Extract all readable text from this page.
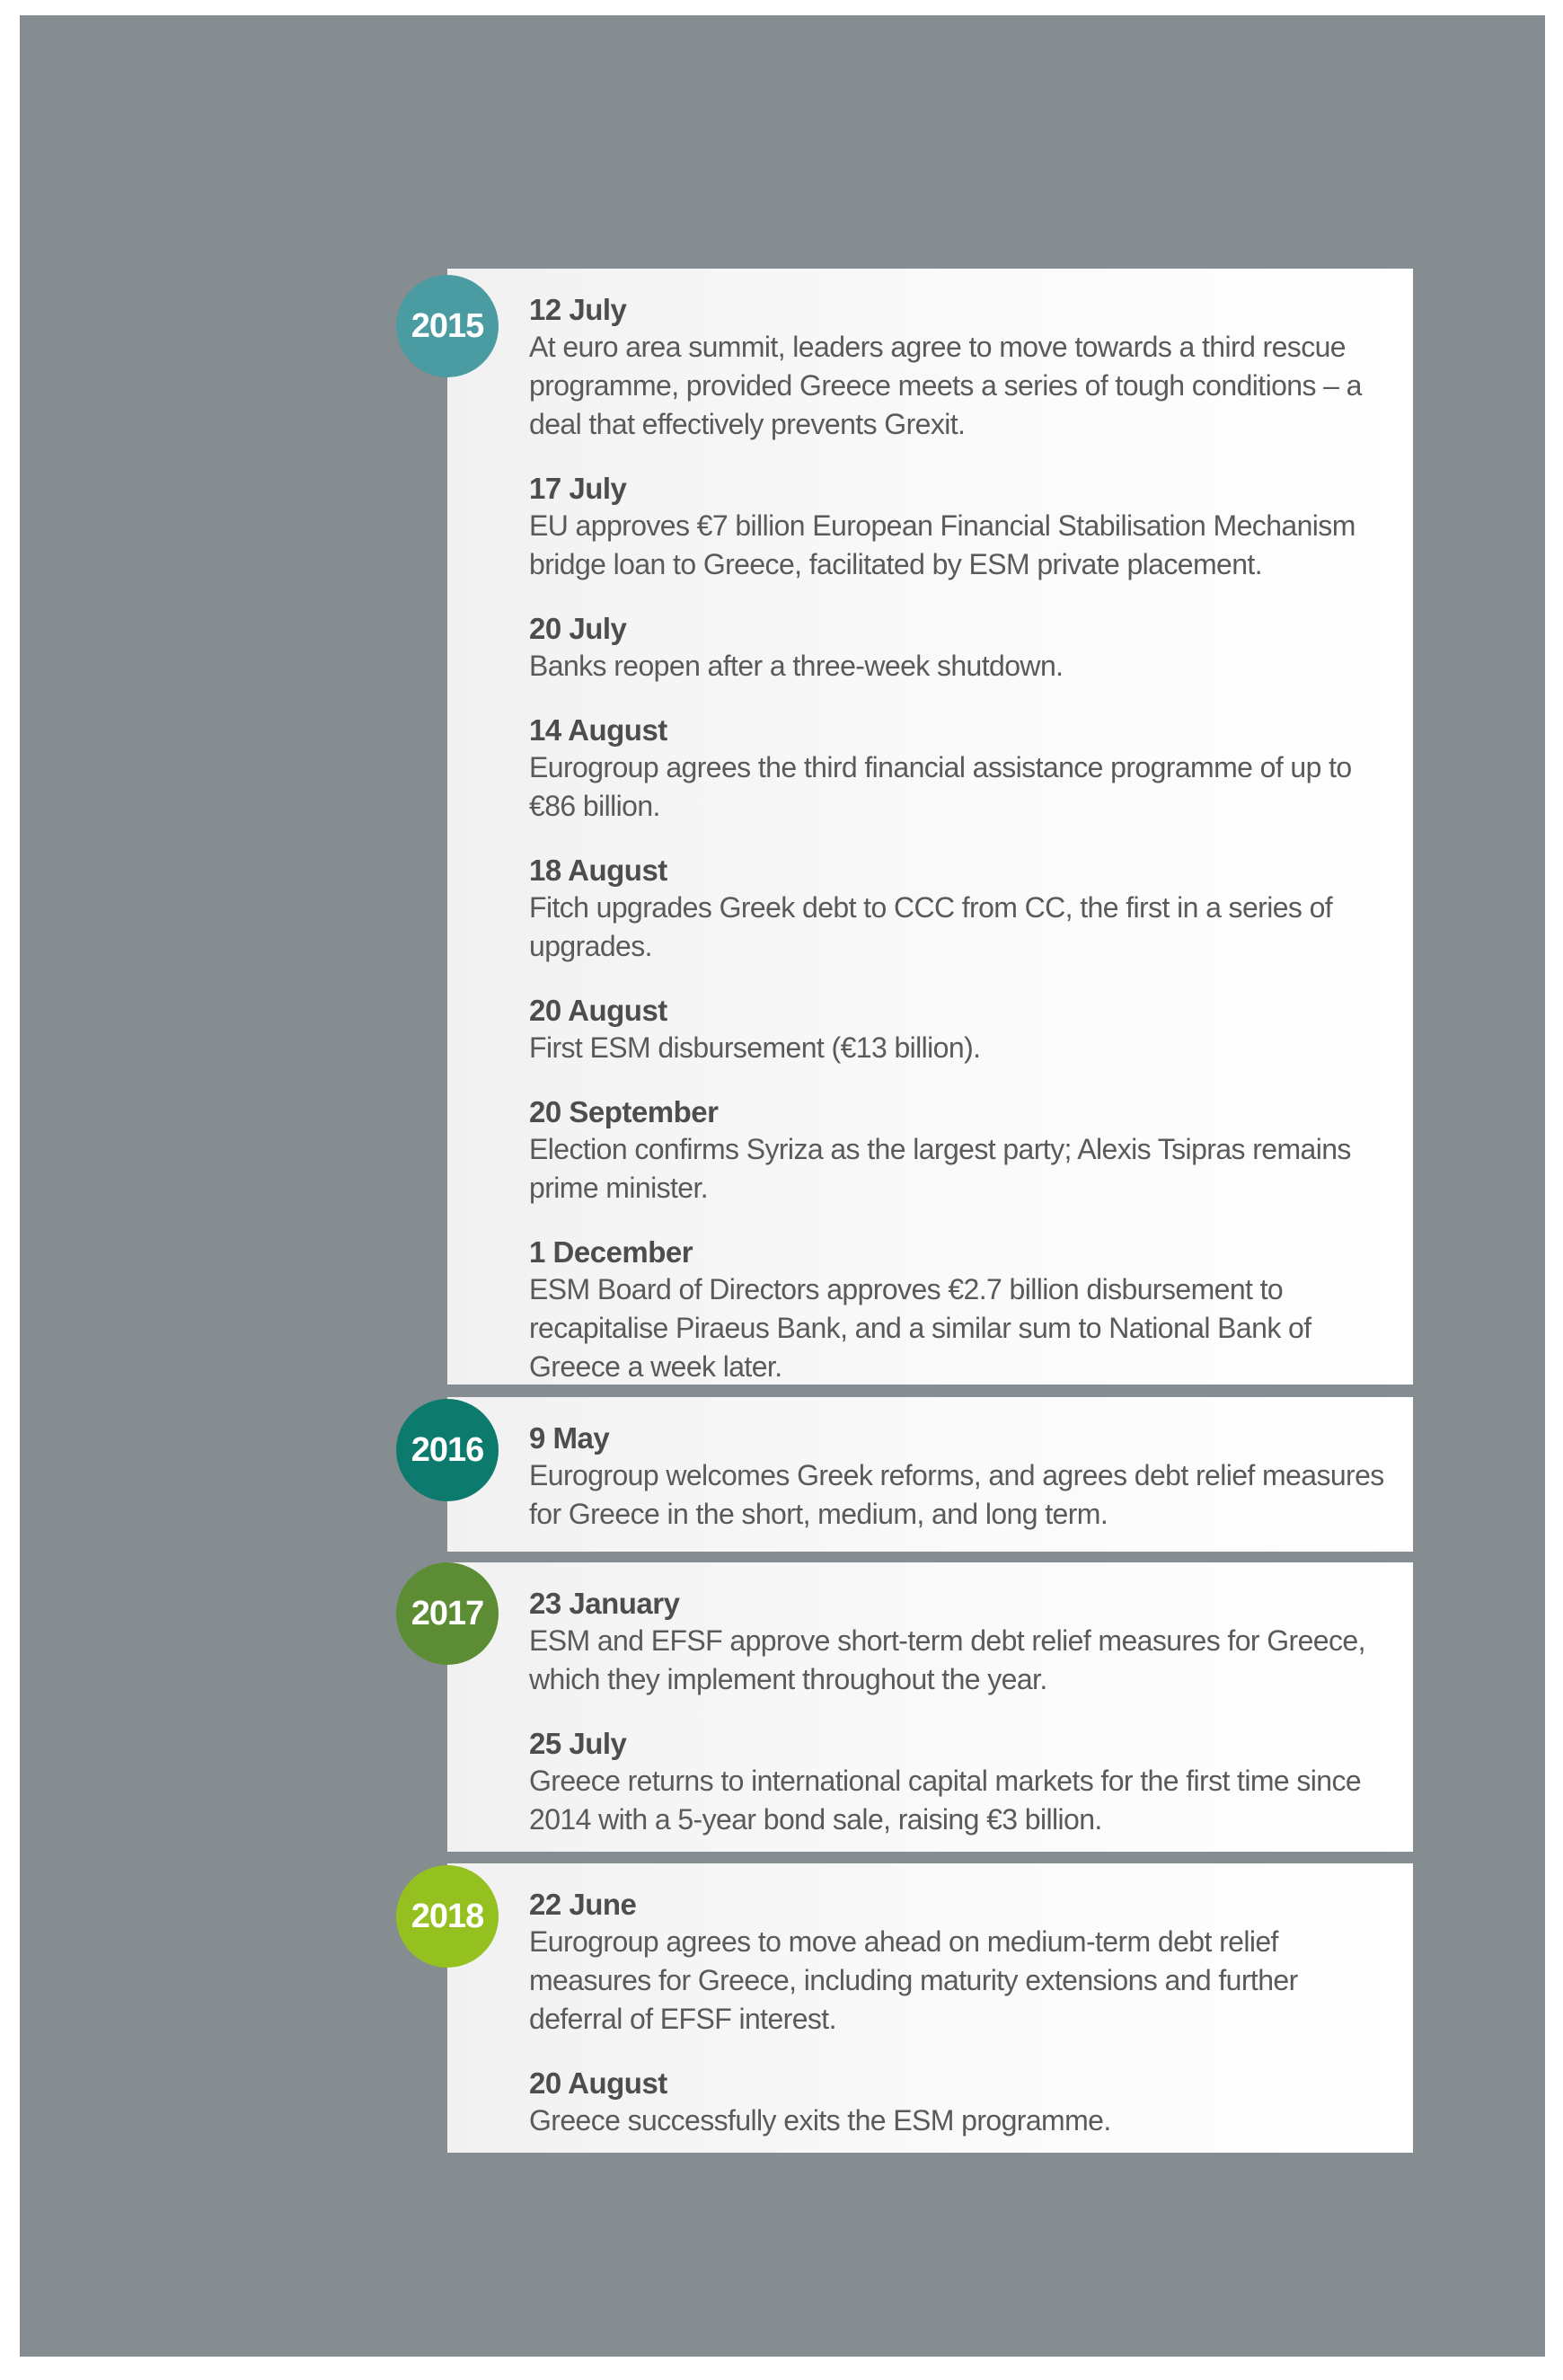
12 July
At euro area summit, leaders agree to move towards a third rescue programme, provided Greece meets a series of tough conditions – a deal that effectively prevents Grexit.
17 July
EU approves €7 billion European Financial Stabilisation Mechanism bridge loan to Greece, facilitated by ESM private placement.
20 July
Banks reopen after a three-week shutdown.
14 August
Eurogroup agrees the third financial assistance programme of up to €86 billion.
18 August
Fitch upgrades Greek debt to CCC from CC, the first in a series of upgrades.
20 August
First ESM disbursement (€13 billion).
20 September
Election confirms Syriza as the largest party; Alexis Tsipras remains prime minister.
1 December
ESM Board of Directors approves €2.7 billion disbursement to recapitalise Piraeus Bank, and a similar sum to National Bank of Greece a week later.
2015
9 May
Eurogroup welcomes Greek reforms, and agrees debt relief measures for Greece in the short, medium, and long term.
2016
23 January
ESM and EFSF approve short-term debt relief measures for Greece, which they implement throughout the year.
25 July
Greece returns to international capital markets for the first time since 2014 with a 5-year bond sale, raising €3 billion.
2017
22 June
Eurogroup agrees to move ahead on medium-term debt relief measures for Greece, including maturity extensions and further deferral of EFSF interest.
20 August
Greece successfully exits the ESM programme.
2018
